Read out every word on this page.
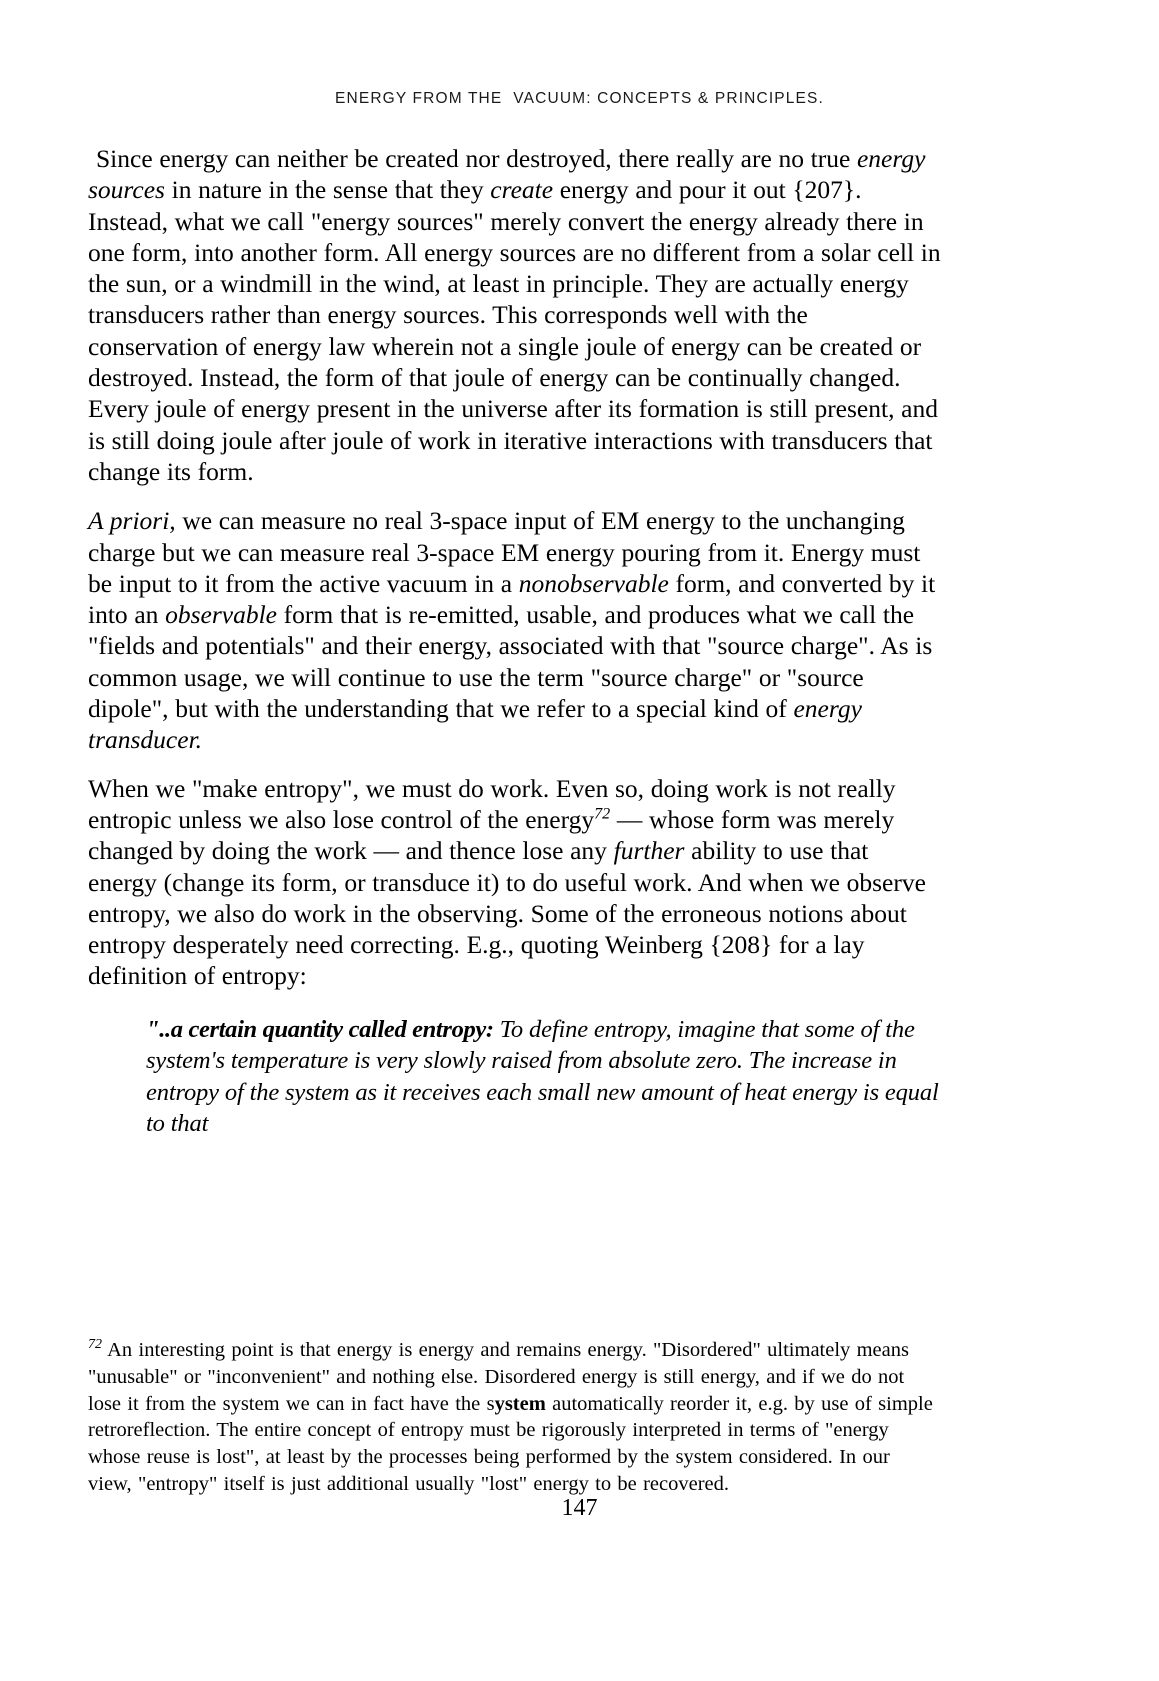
ENERGY FROM THE  VACUUM: CONCEPTS & PRINCIPLES.

Since energy can neither be created nor destroyed, there really are no true energy sources in nature in the sense that they create energy and pour it out {207}. Instead, what we call "energy sources" merely convert the energy already there in one form, into another form. All energy sources are no different from a solar cell in the sun, or a windmill in the wind, at least in principle. They are actually energy transducers rather than energy sources. This corresponds well with the conservation of energy law wherein not a single joule of energy can be created or destroyed. Instead, the form of that joule of energy can be continually changed. Every joule of energy present in the universe after its formation is still present, and is still doing joule after joule of work in iterative interactions with transducers that change its form.

A priori, we can measure no real 3-space input of EM energy to the unchanging charge but we can measure real 3-space EM energy pouring from it. Energy must be input to it from the active vacuum in a nonobservable form, and converted by it into an observable form that is re-emitted, usable, and produces what we call the "fields and potentials" and their energy, associated with that "source charge". As is common usage, we will continue to use the term "source charge" or "source dipole", but with the understanding that we refer to a special kind of energy transducer.

When we "make entropy", we must do work. Even so, doing work is not really entropic unless we also lose control of the energy$^{72}$ — whose form was merely changed by doing the work — and thence lose any further ability to use that energy (change its form, or transduce it) to do useful work. And when we observe entropy, we also do work in the observing. Some of the erroneous notions about entropy desperately need correcting. E.g., quoting Weinberg {208} for a lay definition of entropy:

"..a certain quantity called entropy: To define entropy, imagine that some of the system's temperature is very slowly raised from absolute zero. The increase in entropy of the system as it receives each small new amount of heat energy is equal to that
$^{72}$ An interesting point is that energy is energy and remains energy. "Disordered" ultimately means "unusable" or "inconvenient" and nothing else. Disordered energy is still energy, and if we do not lose it from the system we can in fact have the system automatically reorder it, e.g. by use of simple retroreflection. The entire concept of entropy must be rigorously interpreted in terms of "energy whose reuse is lost", at least by the processes being performed by the system considered. In our view, "entropy" itself is just additional usually "lost" energy to be recovered.
147
